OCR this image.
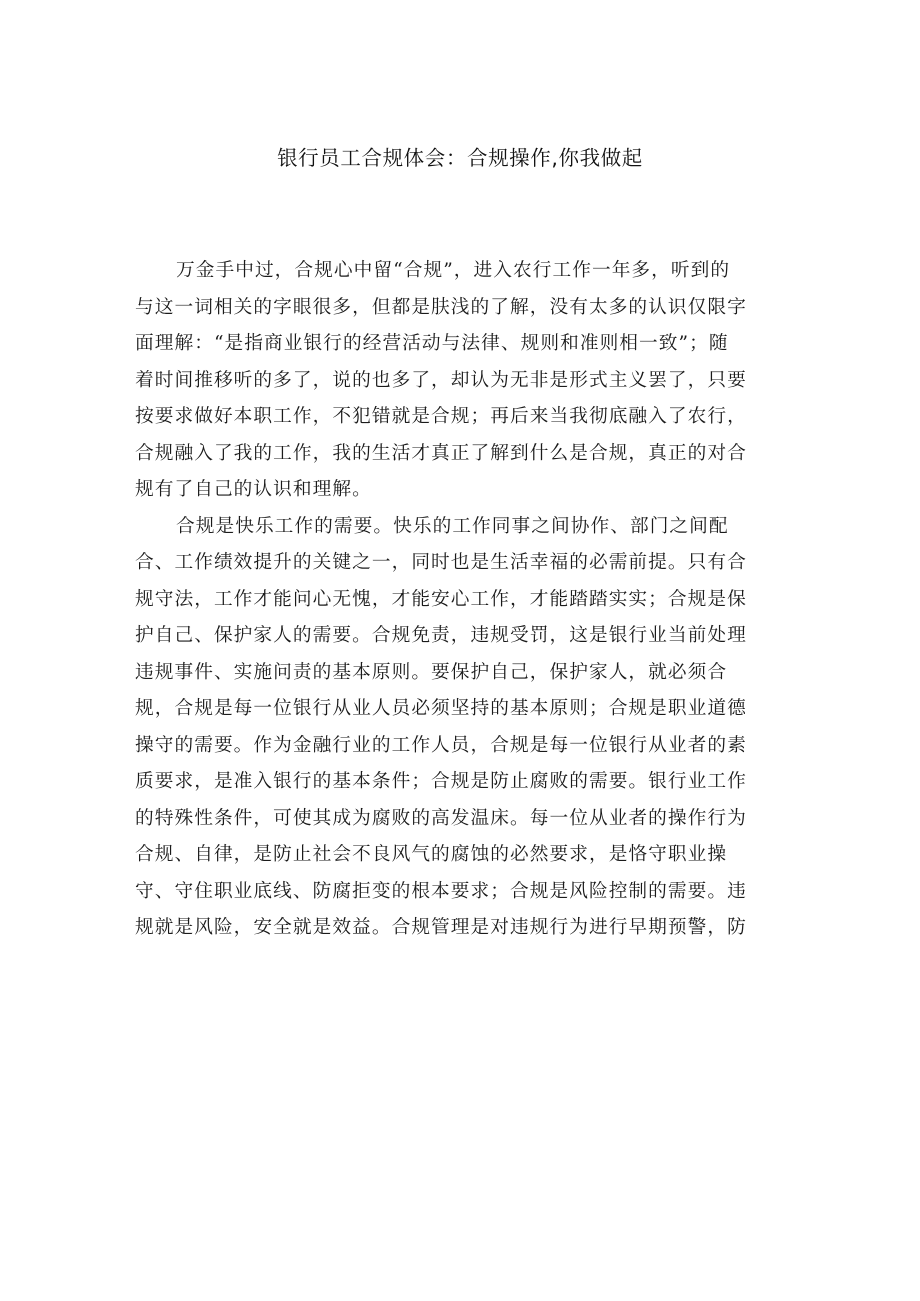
银行员工合规体会：合规操作,你我做起

万金手中过，合规心中留“合规”，进入农行工作一年多，听到的
与这一词相关的字眼很多，但都是肤浅的了解，没有太多的认识仅限字
面理解：“是指商业银行的经营活动与法律、规则和准则相一致”；随
着时间推移听的多了，说的也多了，却认为无非是形式主义罢了，只要
按要求做好本职工作，不犯错就是合规；再后来当我彻底融入了农行，
合规融入了我的工作，我的生活才真正了解到什么是合规，真正的对合
规有了自己的认识和理解。

合规是快乐工作的需要。快乐的工作同事之间协作、部门之间配
合、工作绩效提升的关键之一，同时也是生活幸福的必需前提。只有合
规守法，工作才能问心无愧，才能安心工作，才能踏踏实实；合规是保
护自己、保护家人的需要。合规免责，违规受罚，这是银行业当前处理
违规事件、实施问责的基本原则。要保护自己，保护家人，就必须合
规，合规是每一位银行从业人员必须坚持的基本原则；合规是职业道德
操守的需要。作为金融行业的工作人员，合规是每一位银行从业者的素
质要求，是准入银行的基本条件；合规是防止腐败的需要。银行业工作
的特殊性条件，可使其成为腐败的高发温床。每一位从业者的操作行为
合规、自律，是防止社会不良风气的腐蚀的必然要求，是恪守职业操
守、守住职业底线、防腐拒变的根本要求；合规是风险控制的需要。违
规就是风险，安全就是效益。合规管理是对违规行为进行早期预警，防
